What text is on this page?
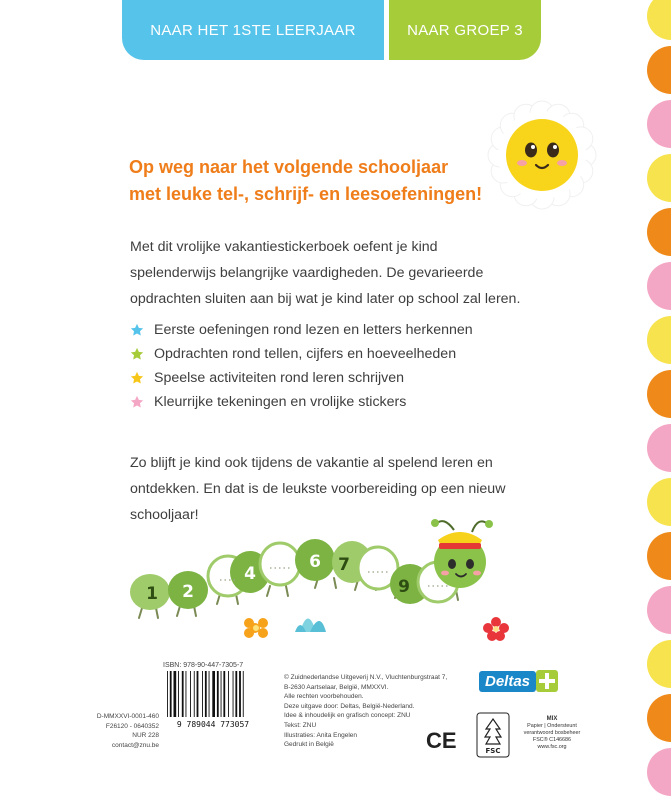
NAAR HET 1STE LEERJAAR	NAAR GROEP 3
Op weg naar het volgende schooljaar
met leuke tel-, schrijf- en leesoefeningen!
Met dit vrolijke vakantiestickerboek oefent je kind
spelenderwijs belangrijke vaardigheden. De gevarieerde
opdrachten sluiten aan bij wat je kind later op school zal leren.
Eerste oefeningen rond lezen en letters herkennen
Opdrachten rond tellen, cijfers en hoeveelheden
Speelse activiteiten rond leren schrijven
Kleurrijke tekeningen en vrolijke stickers
Zo blijft je kind ook tijdens de vakantie al spelend leren en
ontdekken. En dat is de leukste voorbereiding op een nieuw
schooljaar!
1 2
4
6 7
9
ISBN: 978-90-447-7305-7
9 789044 773057
D-MMXXVI-0001-460
F26120 - 0640352
NUR 228
contact@znu.be
© Zuidnederlandse Uitgeverij N.V., Vluchtenburgstraat 7,
B-2630 Aartselaar, België, MMXXVI.
Alle rechten voorbehouden.
Deze uitgave door: Deltas, België-Nederland.
Idee & inhoudelijk en grafisch concept: ZNU
Tekst: ZNU
Illustraties: Anita Engelen
Gedrukt in België
Deltas
CE	FSC
MIX
Papier | Ondersteunt
verantwoord bosbeheer
FSC® C146686
www.fsc.org
